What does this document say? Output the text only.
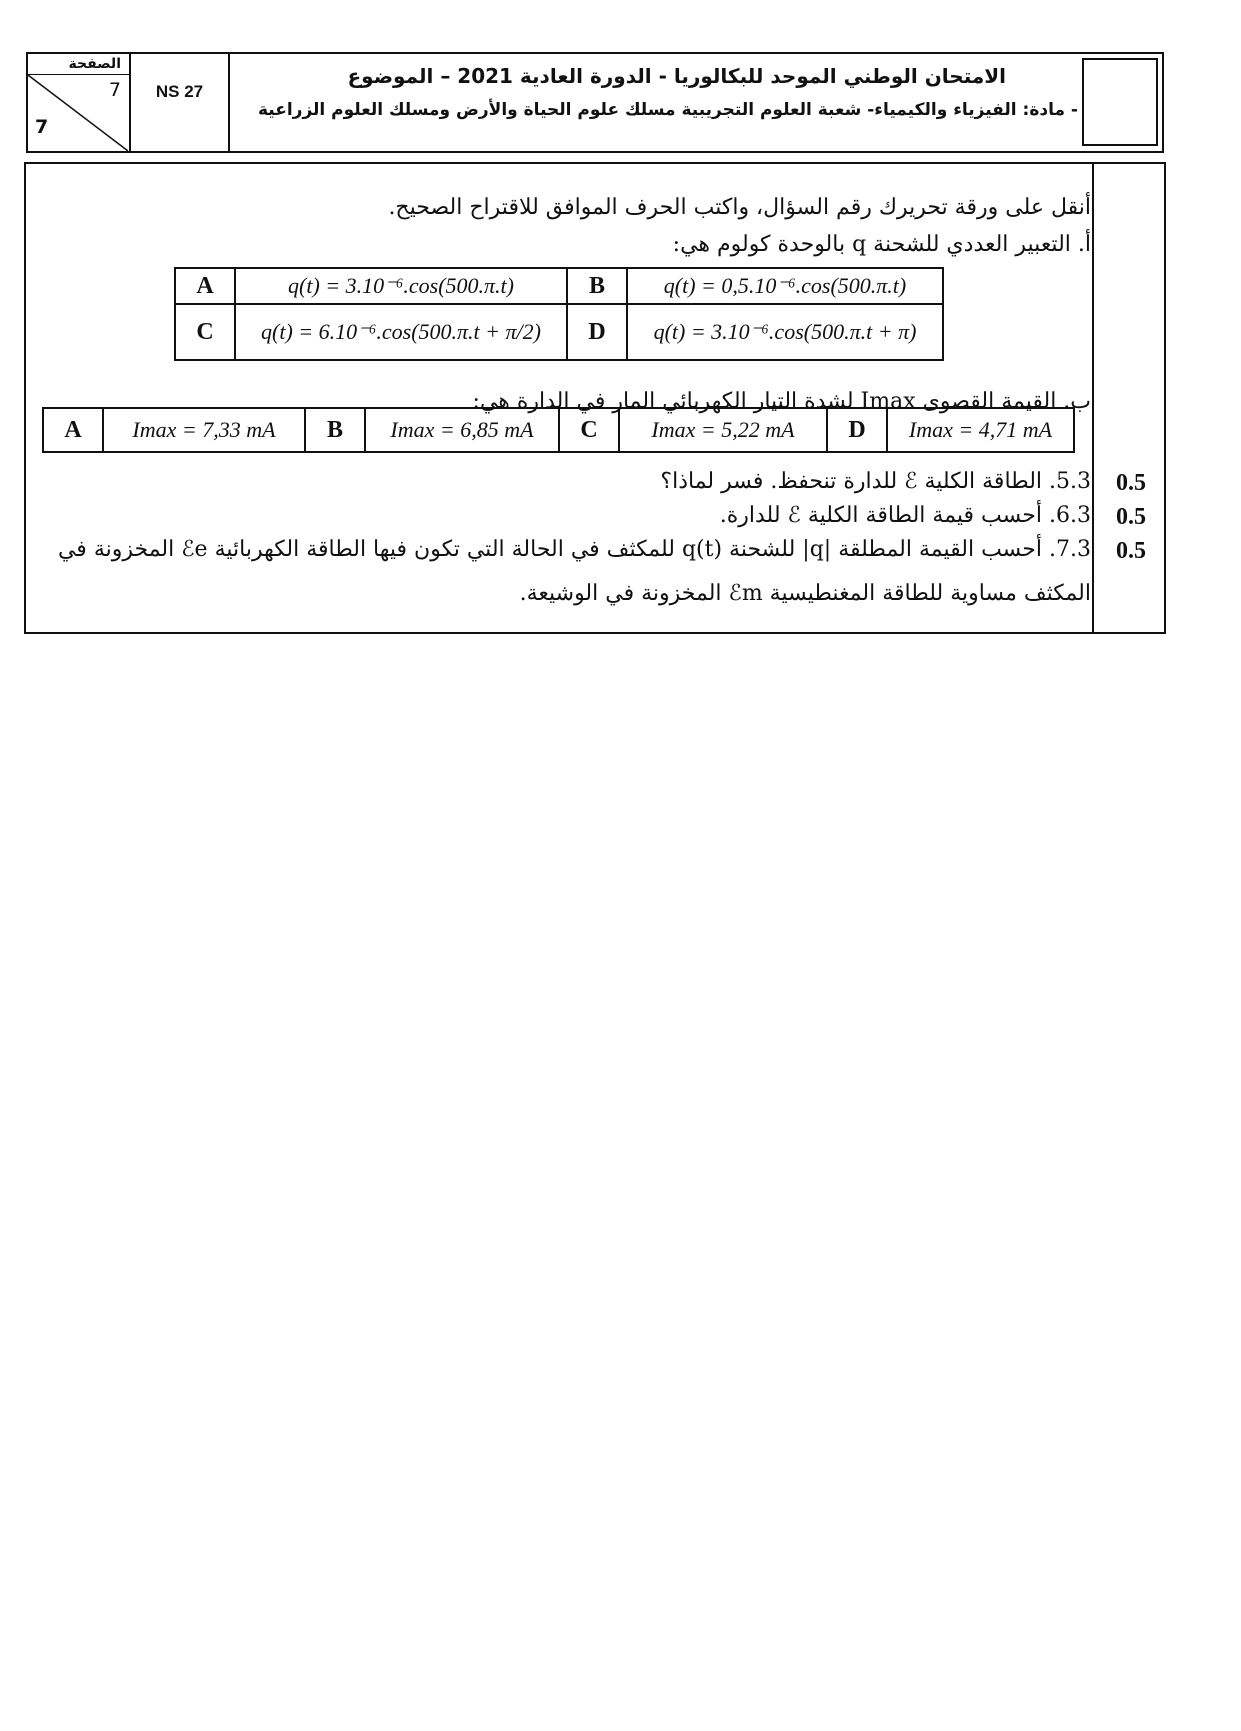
الصفحة
7
7
NS 27
الامتحان الوطني الموحد للبكالوريا - الدورة العادية 2021 – الموضوع
- مادة: الفيزياء والكيمياء- شعبة العلوم التجريبية مسلك علوم الحياة والأرض ومسلك العلوم الزراعية
أنقل على ورقة تحريرك رقم السؤال، واكتب الحرف الموافق للاقتراح الصحيح.
أ. التعبير العددي للشحنة q بالوحدة كولوم هي:
A	q(t) = 3.10⁻⁶.cos(500.π.t)	B	q(t) = 0,5.10⁻⁶.cos(500.π.t)
C	q(t) = 6.10⁻⁶.cos(500.π.t + π/2)	D	q(t) = 3.10⁻⁶.cos(500.π.t + π)
ب. القيمة القصوى Imax لشدة التيار الكهربائي المار في الدارة هي:
A	Imax = 7,33 mA	B	Imax = 6,85 mA	C	Imax = 5,22 mA	D	Imax = 4,71 mA
5.3. الطاقة الكلية ℰ للدارة تنحفظ. فسر لماذا؟ 0.5
6.3. أحسب قيمة الطاقة الكلية ℰ للدارة. 0.5
7.3. أحسب القيمة المطلقة |q| للشحنة q(t) للمكثف في الحالة التي تكون فيها الطاقة الكهربائية ℰe المخزونة في 0.5
المكثف مساوية للطاقة المغنطيسية ℰm المخزونة في الوشيعة.
